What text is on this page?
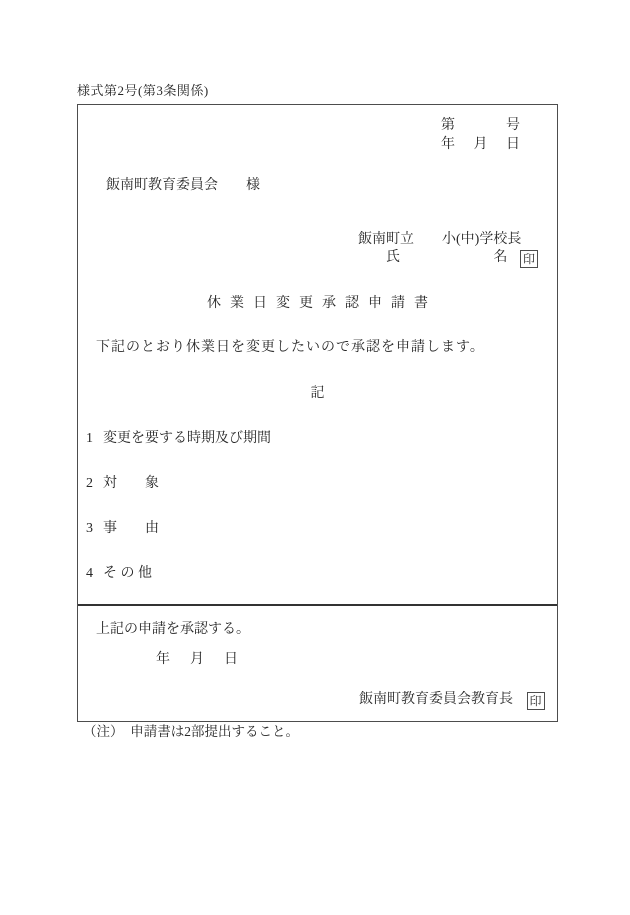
様式第2号(第3条関係)
第	号
年 月 日
飯南町教育委員会　　様
飯南町立　　小(中)学校長
氏	名 印
休業日変更承認申請書
下記のとおり休業日を変更したいので承認を申請します。
記
1 変更を要する時期及び期間
2 対　　象
3 事　　由
4 そ の 他
上記の申請を承認する。
年 月 日
飯南町教育委員会教育長 印
（注）　申請書は2部提出すること。
